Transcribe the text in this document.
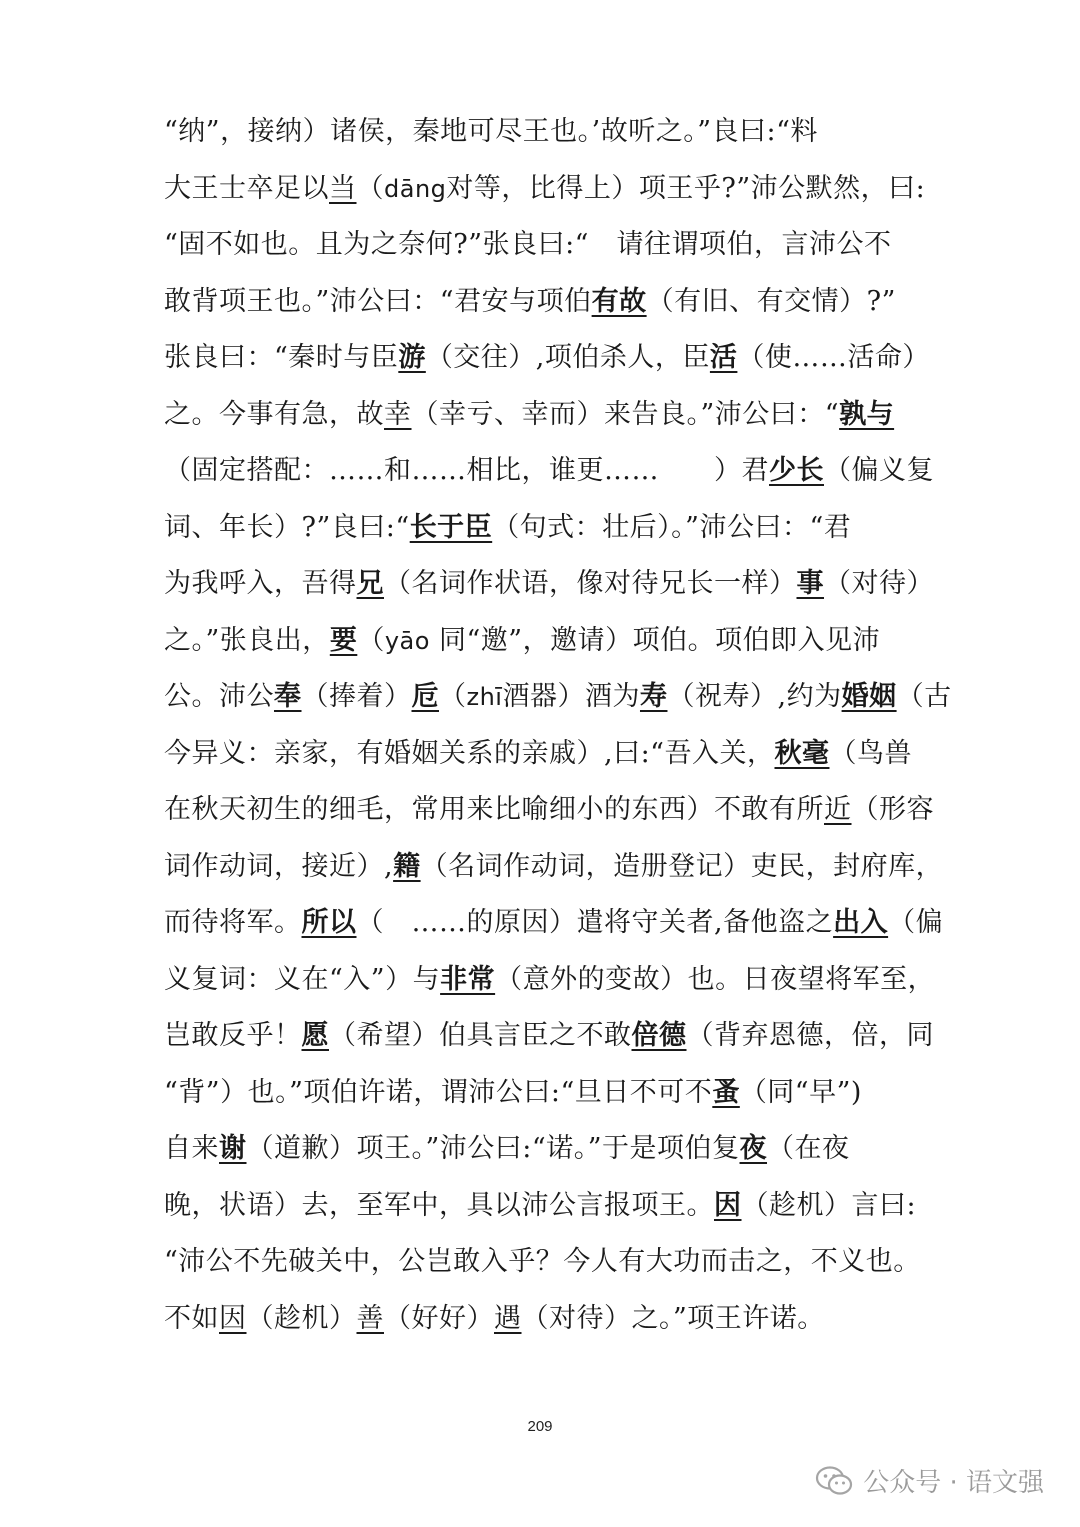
“纳”，接纳）诸侯，秦地可尽王也。’故听之。”良曰:“料
大王士卒足以当（dāng对等，比得上）项王乎?”沛公默然，曰:
“固不如也。且为之奈何?”张良曰:“　请往谓项伯，言沛公不
敢背项王也。”沛公曰：“君安与项伯有故（有旧、有交情）?”
张良曰：“秦时与臣游（交往）,项伯杀人，臣活（使……活命）
之。今事有急，故幸（幸亏、幸而）来告良。”沛公曰：“孰与
（固定搭配：……和……相比，谁更……　　）君少长（偏义复
词、年长）?”良曰:“长于臣（句式：壮后）。”沛公曰：“君
为我呼入，吾得兄（名词作状语，像对待兄长一样）事（对待）
之。”张良出，要（yāo 同“邀”，邀请）项伯。项伯即入见沛
公。沛公奉（捧着）卮（zhī酒器）酒为寿（祝寿）,约为婚姻（古
今异义：亲家，有婚姻关系的亲戚）,曰:“吾入关，秋毫（鸟兽
在秋天初生的细毛，常用来比喻细小的东西）不敢有所近（形容
词作动词，接近）,籍（名词作动词，造册登记）吏民，封府库，
而待将军。所以（　……的原因）遣将守关者,备他盗之出入（偏
义复词：义在“入”）与非常（意外的变故）也。日夜望将军至，
岂敢反乎！愿（希望）伯具言臣之不敢倍德（背弃恩德，倍，同
“背”）也。”项伯许诺，谓沛公曰:“旦日不可不蚤（同“早”)
自来谢（道歉）项王。”沛公曰:“诺。”于是项伯复夜（在夜
晚，状语）去，至军中，具以沛公言报项王。因（趁机）言曰:
“沛公不先破关中，公岂敢入乎？今人有大功而击之，不义也。
不如因（趁机）善（好好）遇（对待）之。”项王许诺。
209
公众号 · 语文强
